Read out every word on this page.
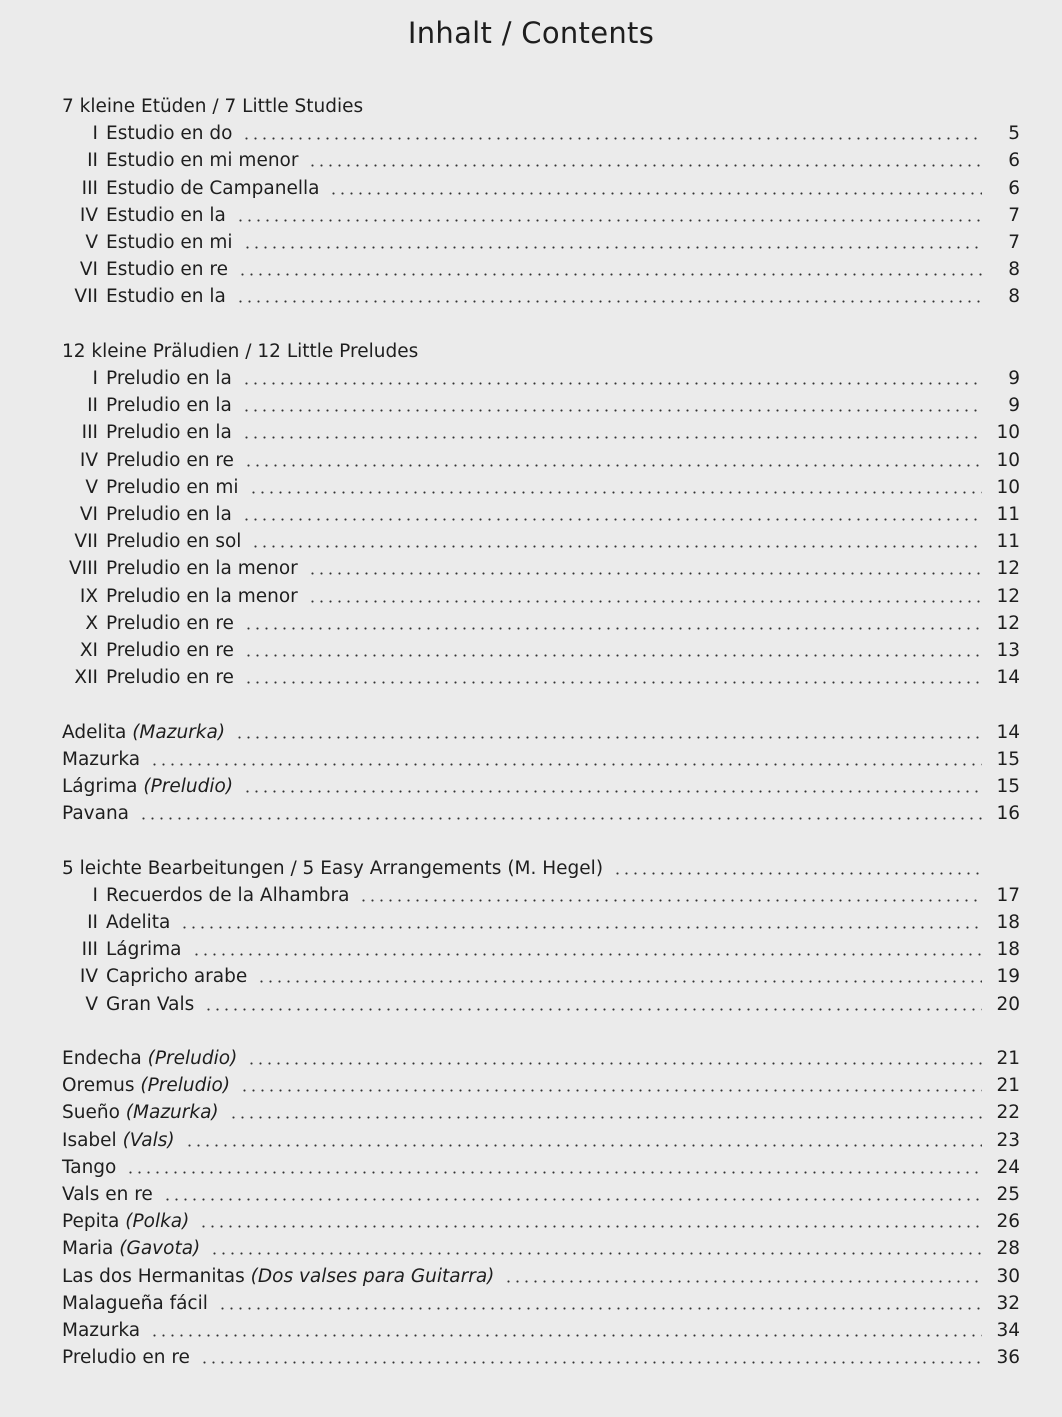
Inhalt / Contents
7 kleine Etüden / 7 Little Studies
I Estudio en do	5
II Estudio en mi menor	6
III Estudio de Campanella	6
IV Estudio en la	7
V Estudio en mi	7
VI Estudio en re	8
VII Estudio en la	8
12 kleine Präludien / 12 Little Preludes
I Preludio en la	9
II Preludio en la	9
III Preludio en la	10
IV Preludio en re	10
V Preludio en mi	10
VI Preludio en la	11
VII Preludio en sol	11
VIII Preludio en la menor	12
IX Preludio en la menor	12
X Preludio en re	12
XI Preludio en re	13
XII Preludio en re	14
Adelita (Mazurka)	14
Mazurka	15
Lágrima (Preludio)	15
Pavana	16
5 leichte Bearbeitungen / 5 Easy Arrangements (M. Hegel)
I Recuerdos de la Alhambra	17
II Adelita	18
III Lágrima	18
IV Capricho arabe	19
V Gran Vals	20
Endecha (Preludio)	21
Oremus (Preludio)	21
Sueño (Mazurka)	22
Isabel (Vals)	23
Tango	24
Vals en re	25
Pepita (Polka)	26
Maria (Gavota)	28
Las dos Hermanitas (Dos valses para Guitarra)	30
Malagueña fácil	32
Mazurka	34
Preludio en re	36
